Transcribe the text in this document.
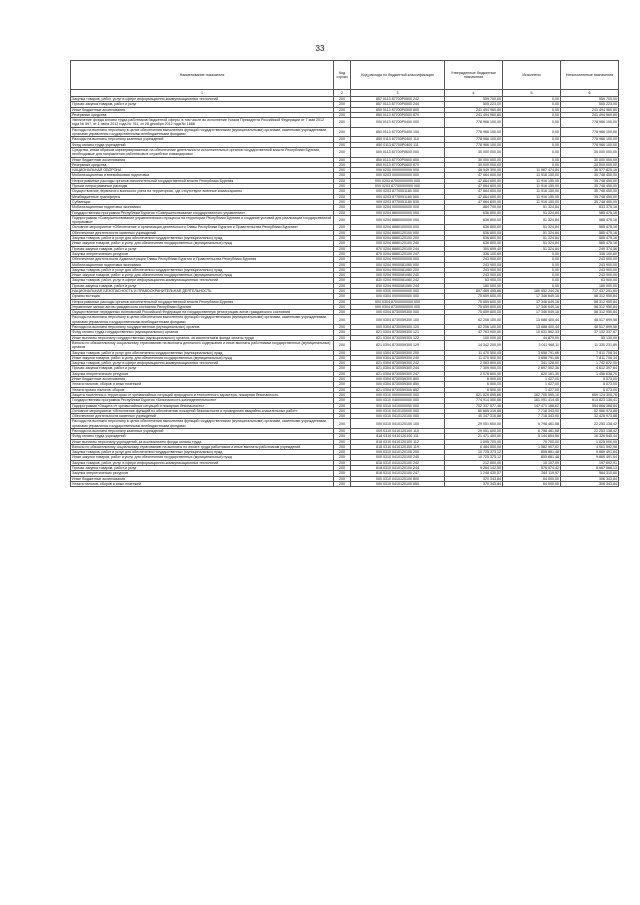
33
Наименование показателя	Код строки	Код расхода по бюджетной классификации	Утвержденные бюджетные назначения	Исполнено	Неисполненные назначения
1	2	3	4	5	6
Закупка товаров, работ, услуг в сфере информационно-коммуникационных технологий	200	857 0113 87700Р0500 242	559 700,00	0,00	559 700,00
Прочая закупка товаров, работ и услуг	200	857 0113 87700Р0500 244	505 223,00	0,00	505 223,00
Иные бюджетные ассигнования	200	850 0113 87700Р0500 800	241 494 960,80	0,00	241 494 960,80
Резервные средства	200	850 0113 87700Р0500 870	241 494 960,80	0,00	241 494 960,80
Увеличение фонда оплаты труда работников бюджетной сферы, в том числе во исполнение Указов Президента Российской Федерации от 7 мая 2012 года № 597, от 1 июня 2012 года № 761, от 28 декабря 2012 года № 1688	200	000 0113 87700Р0400 000	778 966 100,00	0,00	778 966 100,00
Расходы на выплаты персоналу в целях обеспечения выполнения функций государственными (муниципальными) органами, казенными учреждениями, органами управления государственными внебюджетными фондами	200	850 0113 87700Р0400 100	778 966 100,00	0,00	778 966 100,00
Расходы на выплаты персоналу казенных учреждений	200	850 0113 87700Р0400 110	778 966 100,00	0,00	778 966 100,00
Фонд оплаты труда учреждений	200	850 0113 87700Р0400 111	778 966 100,00	0,00	778 966 100,00
Средства, иным образом зарезервированные на обеспечение деятельности исполнительных органов государственной власти Республики Бурятия, необходимые для направления работникам в служебные командировки	200	000 0113 87700Р0600 000	30 000 000,00	0,00	30 000 000,00
Иные бюджетные ассигнования	200	850 0113 87700Р0600 800	30 000 000,00	0,00	30 000 000,00
Резервные средства	200	850 0113 87700Р0600 870	30 000 000,00	0,00	30 000 000,00
НАЦИОНАЛЬНАЯ ОБОРОНА	200	000 0200 0000000000 000	48 549 300,00	11 967 474,84	36 577 825,16
Мобилизационная и вневойсковая подготовка	200	000 0203 0000000000 000	47 664 600,00	11 916 150,00	35 748 450,00
Непрограммные расходы органов исполнительной государственной власти Республики Бурятия	200	000 0203 87000000000 000	47 664 600,00	11 916 150,00	35 748 450,00
Прочие непрограммные расходы	200	000 0203 87700000000 000	47 664 600,00	11 916 150,00	35 748 450,00
Осуществление первичного воинского учета на территориях, где отсутствуют военные комиссариаты	200	000 0203 8770051180 000	47 664 600,00	11 916 150,00	35 748 450,00
Межбюджетные трансферты	200	000 0203 8770051180 500	47 664 600,00	11 916 150,00	35 748 450,00
Субвенции	200	909 0203 8770051180 530	47 664 600,00	11 916 150,00	35 748 450,00
Мобилизационная подготовка экономики	200	000 0204 0000000000 000	884 700,00	51 324,84	833 375,16
Государственная программа Республики Бурятия «Совершенствование государственного управления»	200	000 0204 8800000000 000	636 800,00	51 324,84	585 475,16
Подпрограмма «Совершенствование управленческого процесса на территории Республики Бурятия и создание условий для реализации государственной программы»	200	000 0204 8880000000 000	636 800,00	51 324,84	585 475,16
Основное мероприятие «Обеспечение и организация деятельности Главы Республики Бурятия и Правительства Республики Бурятия»	200	000 0204 8880100000 000	636 800,00	51 324,84	585 475,16
Обеспечение деятельности казенных учреждений	200	000 0204 8880120100 000	636 800,00	51 324,84	585 475,16
Закупка товаров, работ и услуг для обеспечения государственных (муниципальных) нужд	200	000 0204 8880120100 200	636 800,00	51 324,84	585 475,16
Иные закупки товаров, работ и услуг для обеспечения государственных (муниципальных) нужд	200	000 0204 8880120100 240	636 800,00	51 324,84	585 475,16
Прочая закупка товаров, работ и услуг	200	870 0204 8880120100 244	300 699,40	51 324,84	249 374,56
Закупка энергетических ресурсов	200	870 0204 8880120100 247	336 100,60	0,00	336 100,60
Обеспечение деятельности Администрации Главы Республики Бурятия и Правительства Республики Бурятия	200	000 0204 9900000000 000	243 900,00	0,00	243 900,00
Мобилизационная подготовка экономики	200	000 0204 9900081080 000	243 900,00	0,00	243 900,00
Закупка товаров, работ и услуг для обеспечения государственных (муниципальных) нужд	200	000 0204 9900081080 200	243 900,00	0,00	243 900,00
Иные закупки товаров, работ и услуг для обеспечения государственных (муниципальных) нужд	200	000 0204 9900081080 240	243 900,00	0,00	243 900,00
Закупка товаров, работ, услуг в сфере информационно-коммуникационных технологий	200	830 0204 9900081080 242	63 900,00	0,00	63 900,00
Прочая закупка товаров, работ и услуг	200	830 0204 9900081080 244	180 000,00	0,00	180 000,00
НАЦИОНАЛЬНАЯ БЕЗОПАСНОСТЬ И ПРАВООХРАНИТЕЛЬНАЯ ДЕЯТЕЛЬНОСТЬ	200	000 0300 0000000000 000	897 489 495,86	180 052 244,26	717 437 251,60
Органы юстиции	200	000 0304 0000000000 000	75 659 600,00	17 346 649,16	58 312 950,84
Непрограммные расходы органов исполнительной государственной власти Республики Бурятия	200	000 0304 87000000000 000	75 659 600,00	17 346 649,16	58 312 950,84
Управление записи актов гражданского состояния Республики Бурятия	200	000 0304 87300000000 000	75 659 600,00	17 346 649,16	58 312 950,84
Осуществление переданных полномочий Российской Федерации на государственную регистрацию актов гражданского состояния	200	000 0304 8730059300 000	75 659 600,00	17 346 649,16	58 312 950,84
Расходы на выплаты персоналу в целях обеспечения выполнения функций государственными (муниципальными) органами, казенными учреждениями, органами управления государственными внебюджетными фондами	200	000 0304 8730059300 100	62 206 100,00	13 688 400,44	48 517 699,56
Расходы на выплаты персоналу государственных (муниципальных) органов	200	000 0304 8730059300 120	62 206 100,00	13 688 400,44	48 517 699,56
Фонд оплаты труда государственных (муниципальных) органов	200	821 0304 8730059300 121	47 763 900,00	10 631 562,33	37 132 337,67
Иные выплаты персоналу государственных (муниципальных) органов, за исключением фонда оплаты труда	200	821 0304 8730059300 122	100 000,00	44 870,00	55 130,00
Взносы по обязательному социальному страхованию на выплаты денежного содержания и иные выплаты работникам государственных (муниципальных) органов	200	821 0304 8730059300 129	14 342 200,00	3 011 968,11	11 330 231,89
Закупка товаров, работ и услуг для обеспечения государственных (муниципальных) нужд	200	000 0304 8730059300 200	11 470 500,00	3 658 791,66	7 811 708,34
Иные закупки товаров, работ и услуг для обеспечения государственных (муниципальных) нужд	200	000 0304 8730059300 240	11 470 500,00	3 658 791,66	7 811 708,34
Закупка товаров, работ, услуг в сфере информационно-коммуникационных технологий	200	821 0304 8730059300 242	2 083 800,00	341 128,00	1 742 672,00
Прочая закупка товаров, работ и услуг	200	821 0304 8730059300 244	7 309 900,00	2 697 502,36	4 612 397,64
Закупка энергетических ресурсов	200	821 0304 8730059300 247	2 076 800,00	620 161,30	1 456 638,70
Иные бюджетные ассигнования	200	000 0304 8730059300 800	6 500,00	1 427,00	5 073,00
Уплата налогов, сборов и иных платежей	200	000 0304 8730059300 850	6 500,00	1 427,00	5 073,00
Уплата прочих налогов, сборов	200	821 0304 8730059300 852	6 500,00	1 427,00	5 073,00
Защита населения и территории от чрезвычайных ситуаций природного и техногенного характера, пожарная безопасность	200	000 0310 0000000000 000	821 829 895,86	162 705 595,10	659 124 300,76
Государственная программа Республики Бурятия «Безопасность жизнедеятельности»	200	000 0310 0400000000 000	774 914 550,86	161 091 414,45	613 823 136,41
Подпрограмма «Защита от чрезвычайных ситуаций и пожарная безопасность»	200	000 0310 0410000000 000	702 337 577,46	147 471 188,62	554 866 388,84
Основное мероприятие «Исполнение функций по обеспечению пожарной безопасности и проведению аварийно-спасательных работ»	200	000 0310 0410100000 000	60 685 316,88	7 718 343,00	52 966 973,88
Обеспечение деятельности казенных учреждений	200	000 0310 0410120100 000	40 147 316,88	7 718 343,00	32 428 973,88
Расходы на выплаты персоналу в целях обеспечения выполнения функций государственными (муниципальными) органами, казенными учреждениями, органами управления государственными внебюджетными фондами	200	000 0310 0410120100 100	29 051 600,00	6 798 461,58	22 253 138,42
Расходы на выплаты персоналу казенных учреждений	200	000 0310 0410120100 110	29 051 600,00	6 798 461,58	22 253 138,42
Фонд оплаты труда учреждений	200	818 0310 0410120100 111	21 471 400,00	5 144 854,56	16 326 545,44
Иные выплаты персоналу учреждений, за исключением фонда оплаты труда	200	818 0310 0410120100 112	1 095 700,00	70 700,00	1 025 000,00
Взносы по обязательному социальному страхованию на выплаты по оплате труда работников и иные выплаты работникам учреждений	200	818 0310 0410120100 119	6 484 500,00	1 582 907,02	4 901 592,98
Закупка товаров, работ и услуг для обеспечения государственных (муниципальных) нужд	200	000 0310 0410120100 200	10 725 373,12	855 881,48	9 869 491,64
Иные закупки товаров, работ и услуг для обеспечения государственных (муниципальных) нужд	200	000 0310 0410120100 240	10 725 373,12	855 881,48	9 869 491,64
Закупка товаров, работ, услуг в сфере информационно-коммуникационных технологий	200	818 0310 0410120100 242	212 800,00	15 107,09	197 692,91
Прочая закупка товаров, работ и услуг	200	818 0310 0410120100 244	9 264 142,55	576 574,42	8 687 568,13
Закупка энергетических ресурсов	200	818 0310 0410120100 247	1 248 430,57	264 119,97	984 310,60
Иные бюджетные ассигнования	200	000 0310 0410120100 800	370 343,84	64 000,00	306 343,84
Уплата налогов, сборов и иных платежей	200	000 0310 0410120100 850	370 343,84	64 000,00	306 343,84
